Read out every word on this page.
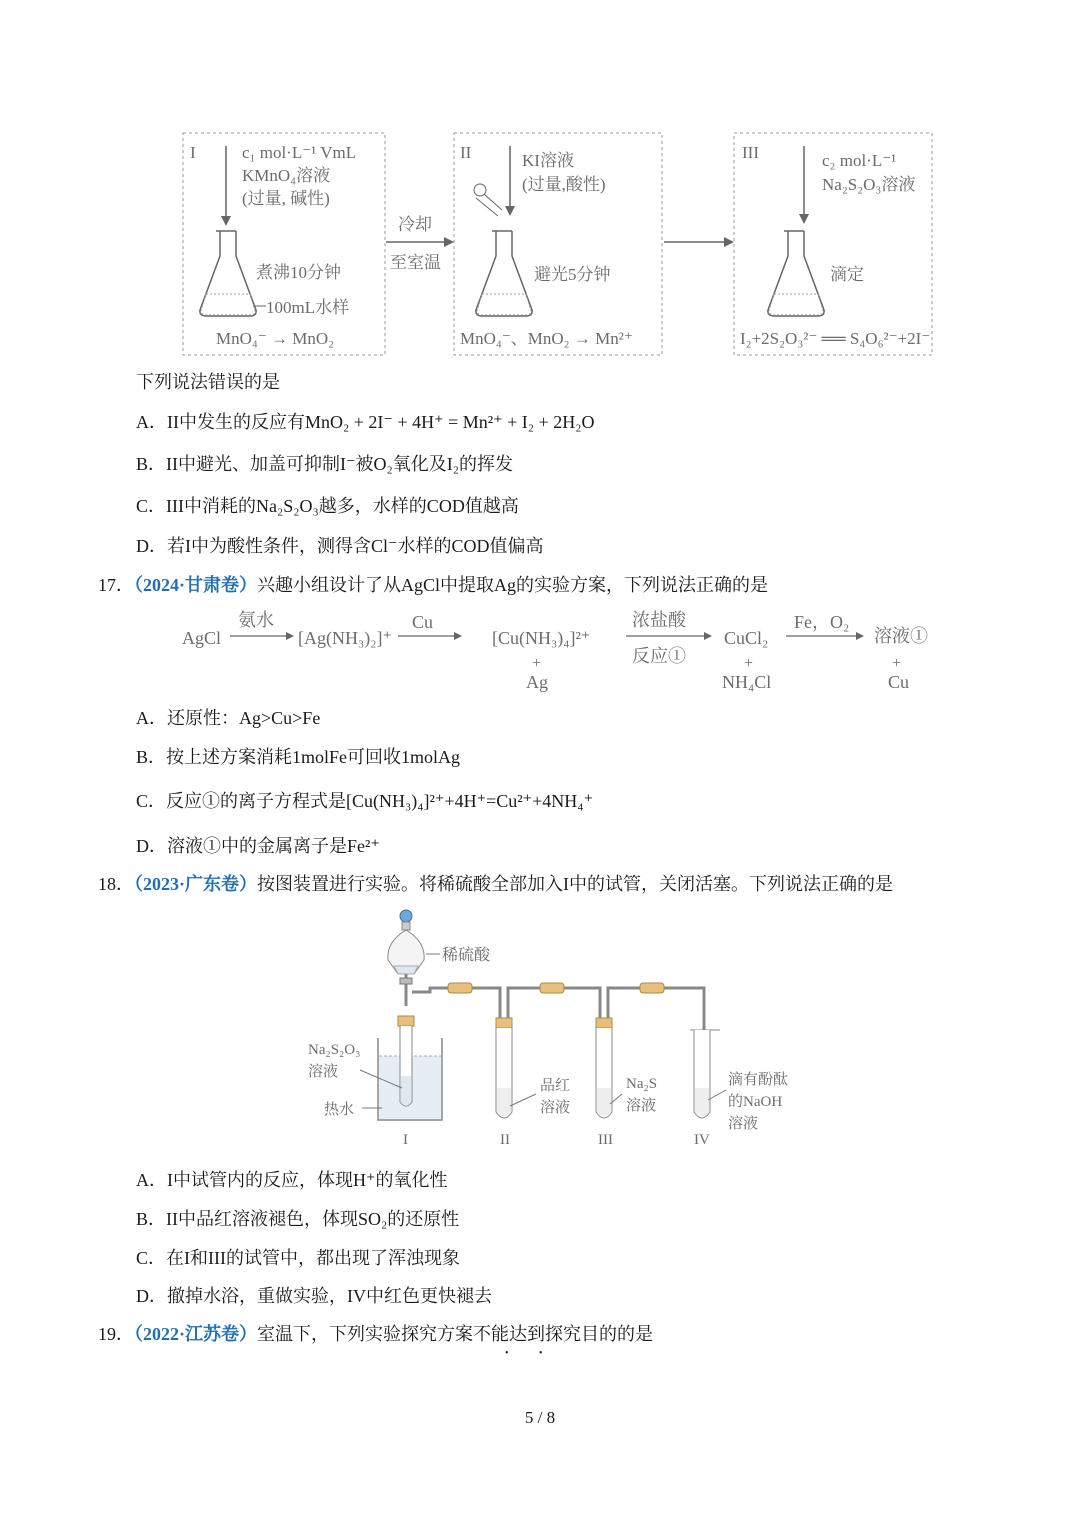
I	c₁ mol·L⁻¹ VmL
KMnO₄溶液
(过量, 碱性)
煮沸10分钟
100mL水样
MnO₄⁻ → MnO₂
冷却
至室温
II	KI溶液
(过量,酸性)
避光5分钟
MnO₄⁻、MnO₂ → Mn²⁺
III	c₂ mol·L⁻¹
Na₂S₂O₃溶液
滴定
I₂+2S₂O₃²⁻ ══ S₄O₆²⁻+2I⁻
下列说法错误的是
A．II中发生的反应有MnO₂ + 2I⁻ + 4H⁺ = Mn²⁺ + I₂ + 2H₂O
B．II中避光、加盖可抑制I⁻被O₂氧化及I₂的挥发
C．III中消耗的Na₂S₂O₃越多，水样的COD值越高
D．若I中为酸性条件，测得含Cl⁻水样的COD值偏高
17．（2024·甘肃卷）兴趣小组设计了从AgCl中提取Ag的实验方案，下列说法正确的是
AgCl
氨水
[Ag(NH₃)₂]⁺
Cu
[Cu(NH₃)₄]²⁺
+
Ag
浓盐酸
反应①
CuCl₂
+
NH₄Cl
Fe，O₂
溶液①
+
Cu
A．还原性：Ag>Cu>Fe
B．按上述方案消耗1molFe可回收1molAg
C．反应①的离子方程式是[Cu(NH₃)₄]²⁺+4H⁺=Cu²⁺+4NH₄⁺
D．溶液①中的金属离子是Fe²⁺
18．（2023·广东卷）按图装置进行实验。将稀硫酸全部加入I中的试管，关闭活塞。下列说法正确的是
稀硫酸
Na₂S₂O₃
溶液
热水
品红
溶液
Na₂S
溶液
滴有酚酞
的NaOH
溶液
I	II	III	IV
A．I中试管内的反应，体现H⁺的氧化性
B．II中品红溶液褪色，体现SO₂的还原性
C．在I和III的试管中，都出现了浑浊现象
D．撤掉水浴，重做实验，IV中红色更快褪去
19．（2022·江苏卷）室温下，下列实验探究方案不能达到探究目的的是
• •
5 / 8
